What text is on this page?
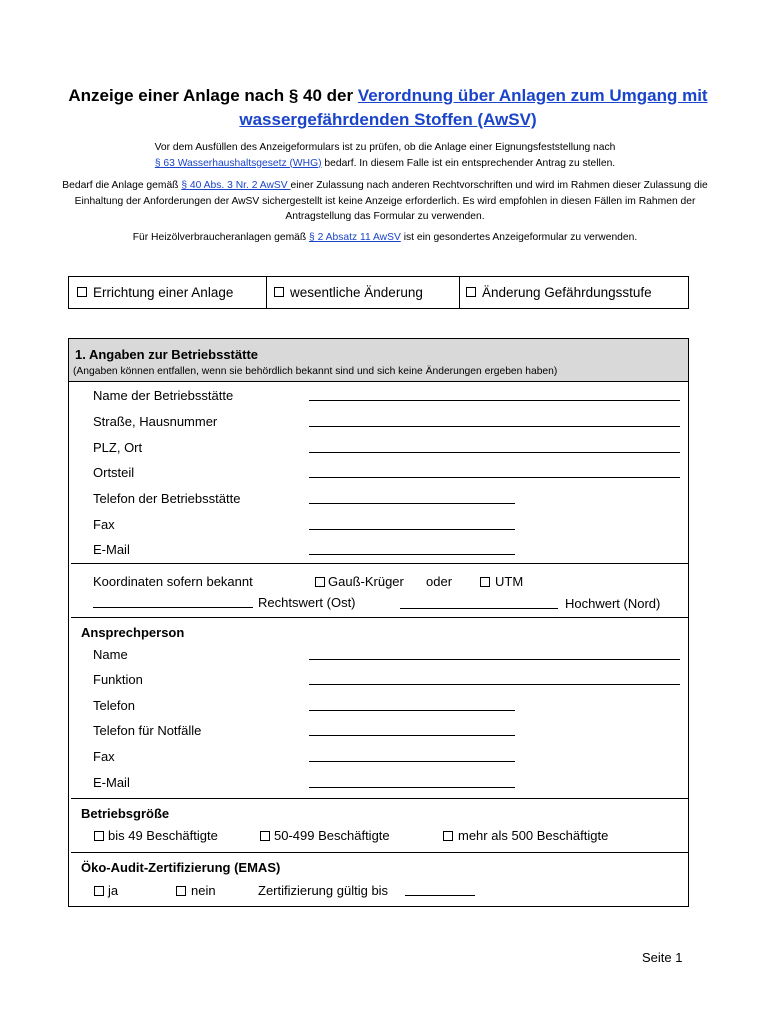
Anzeige einer Anlage nach § 40 der Verordnung über Anlagen zum Umgang mit wassergefährdenden Stoffen (AwSV)
Vor dem Ausfüllen des Anzeigeformulars ist zu prüfen, ob die Anlage einer Eignungsfeststellung nach
§ 63 Wasserhaushaltsgesetz (WHG) bedarf. In diesem Falle ist ein entsprechender Antrag zu stellen.
Bedarf die Anlage gemäß § 40 Abs. 3 Nr. 2 AwSV einer Zulassung nach anderen Rechtvorschriften und wird im Rahmen dieser Zulassung die Einhaltung der Anforderungen der AwSV sichergestellt ist keine Anzeige erforderlich. Es wird empfohlen in diesen Fällen im Rahmen der Antragstellung das Formular zu verwenden.
Für Heizölverbraucheranlagen gemäß § 2 Absatz 11 AwSV ist ein gesondertes Anzeigeformular zu verwenden.
Errichtung einer Anlage	wesentliche Änderung	Änderung Gefährdungsstufe
1. Angaben zur Betriebsstätte
(Angaben können entfallen, wenn sie behördlich bekannt sind und sich keine Änderungen ergeben haben)
Name der Betriebsstätte
Straße, Hausnummer
PLZ, Ort
Ortsteil
Telefon der Betriebsstätte
Fax
E-Mail
Koordinaten sofern bekannt	Gauß-Krüger oder	UTM
Rechtswert (Ost)	Hochwert (Nord)
Ansprechperson
Name
Funktion
Telefon
Telefon für Notfälle
Fax
E-Mail
Betriebsgröße
bis 49 Beschäftigte	50-499 Beschäftigte	mehr als 500 Beschäftigte
Öko-Audit-Zertifizierung (EMAS)
ja	nein	Zertifizierung gültig bis
Seite 1
